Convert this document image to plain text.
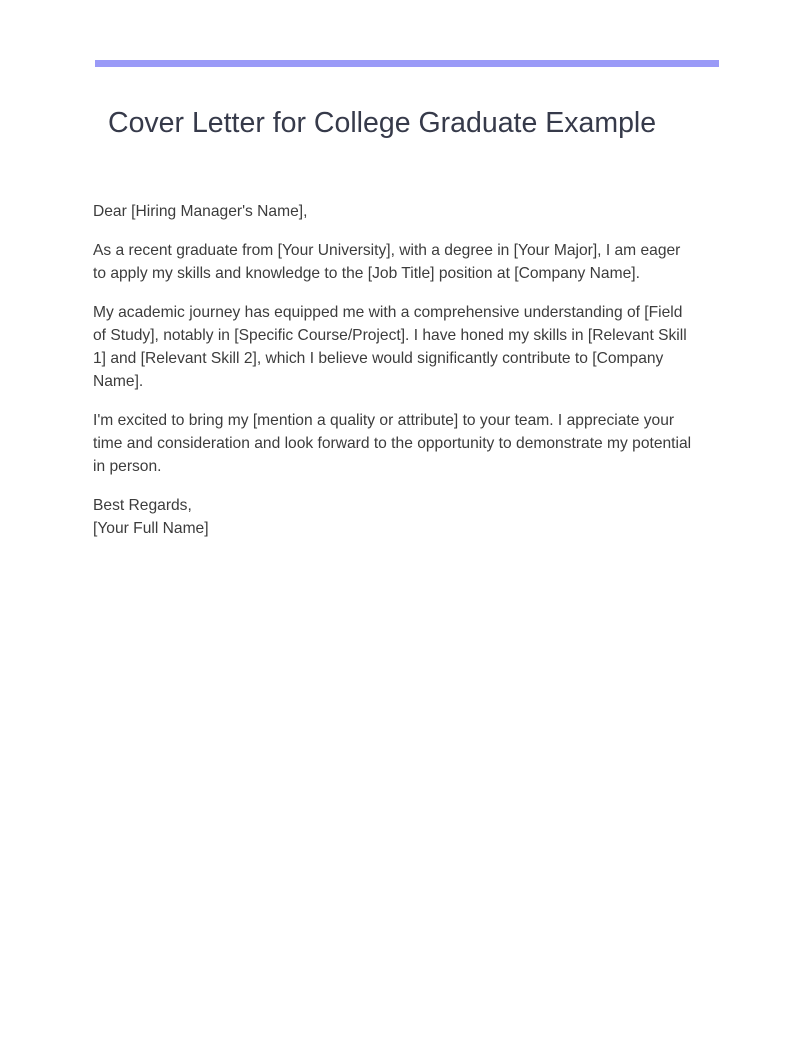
Cover Letter for College Graduate Example

Dear [Hiring Manager's Name],

As a recent graduate from [Your University], with a degree in [Your Major], I am eager to apply my skills and knowledge to the [Job Title] position at [Company Name].

My academic journey has equipped me with a comprehensive understanding of [Field of Study], notably in [Specific Course/Project]. I have honed my skills in [Relevant Skill 1] and [Relevant Skill 2], which I believe would significantly contribute to [Company Name].

I'm excited to bring my [mention a quality or attribute] to your team. I appreciate your time and consideration and look forward to the opportunity to demonstrate my potential in person.

Best Regards,
[Your Full Name]
